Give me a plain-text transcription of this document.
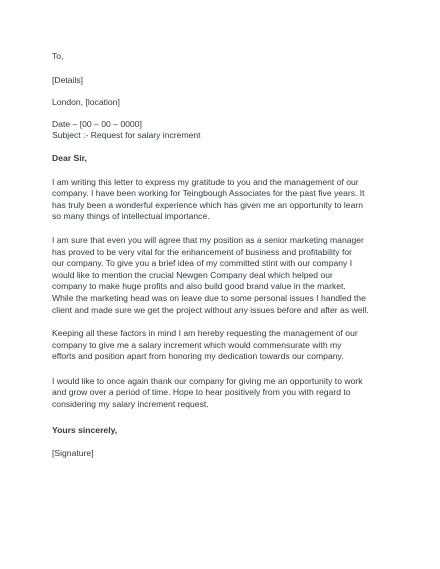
To,
[Details]
London, [location]
Date – [00 – 00 – 0000]
Subject :- Request for salary increment
Dear Sir,
I am writing this letter to express my gratitude to you and the management of our
company. I have been working for Teingbough Associates for the past five years. It
has truly been a wonderful experience which has given me an opportunity to learn
so many things of intellectual importance.
I am sure that even you will agree that my position as a senior marketing manager
has proved to be very vital for the enhancement of business and profitability for
our company. To give you a brief idea of my committed stint with our company I
would like to mention the crucial Newgen Company deal which helped our
company to make huge profits and also build good brand value in the market.
While the marketing head was on leave due to some personal issues I handled the
client and made sure we get the project without any issues before and after as well.
Keeping all these factors in mind I am hereby requesting the management of our
company to give me a salary increment which would commensurate with my
efforts and position apart from honoring my dedication towards our company.
I would like to once again thank our company for giving me an opportunity to work
and grow over a period of time. Hope to hear positively from you with regard to
considering my salary increment request.
Yours sincerely,
[Signature]
